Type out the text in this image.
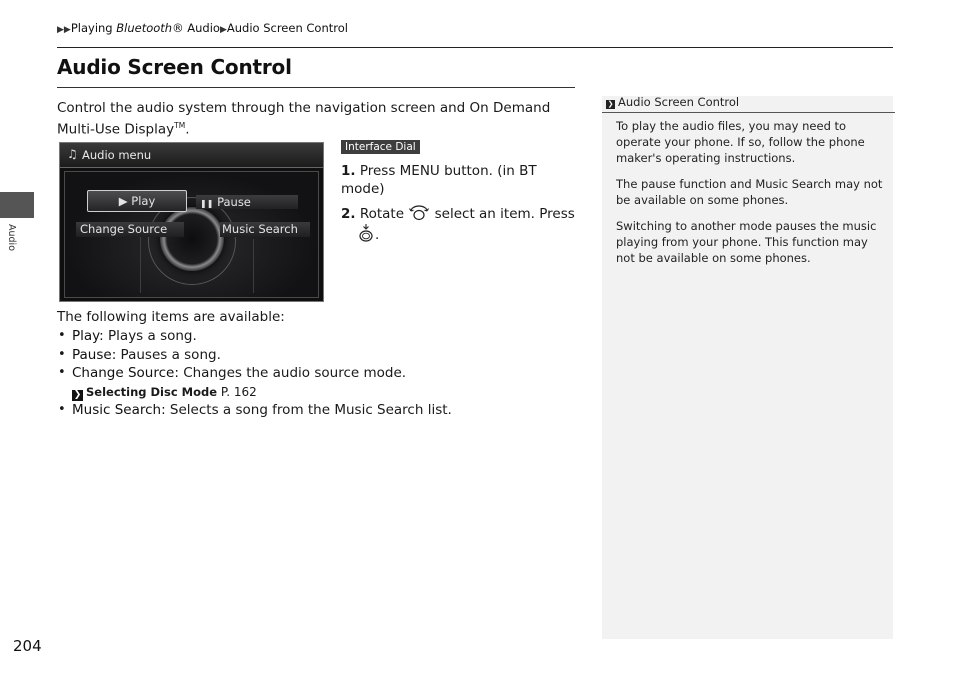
▶▶Playing Bluetooth® Audio▶Audio Screen Control
Audio Screen Control
Audio
Control the audio system through the navigation screen and On Demand Multi-Use Display™.
♫ Audio menu
▶ Play	❚❚ Pause
Change Source	Music Search
Interface Dial
1. Press MENU button. (in BT mode)
2. Rotate select an item. Press
.
The following items are available:
• Play: Plays a song.
• Pause: Pauses a song.
• Change Source: Changes the audio source mode.
❯ Selecting Disc Mode P. 162
• Music Search: Selects a song from the Music Search list.
❯ Audio Screen Control

To play the audio files, you may need to operate your phone. If so, follow the phone maker's operating instructions.

The pause function and Music Search may not be available on some phones.

Switching to another mode pauses the music playing from your phone. This function may not be available on some phones.

204
